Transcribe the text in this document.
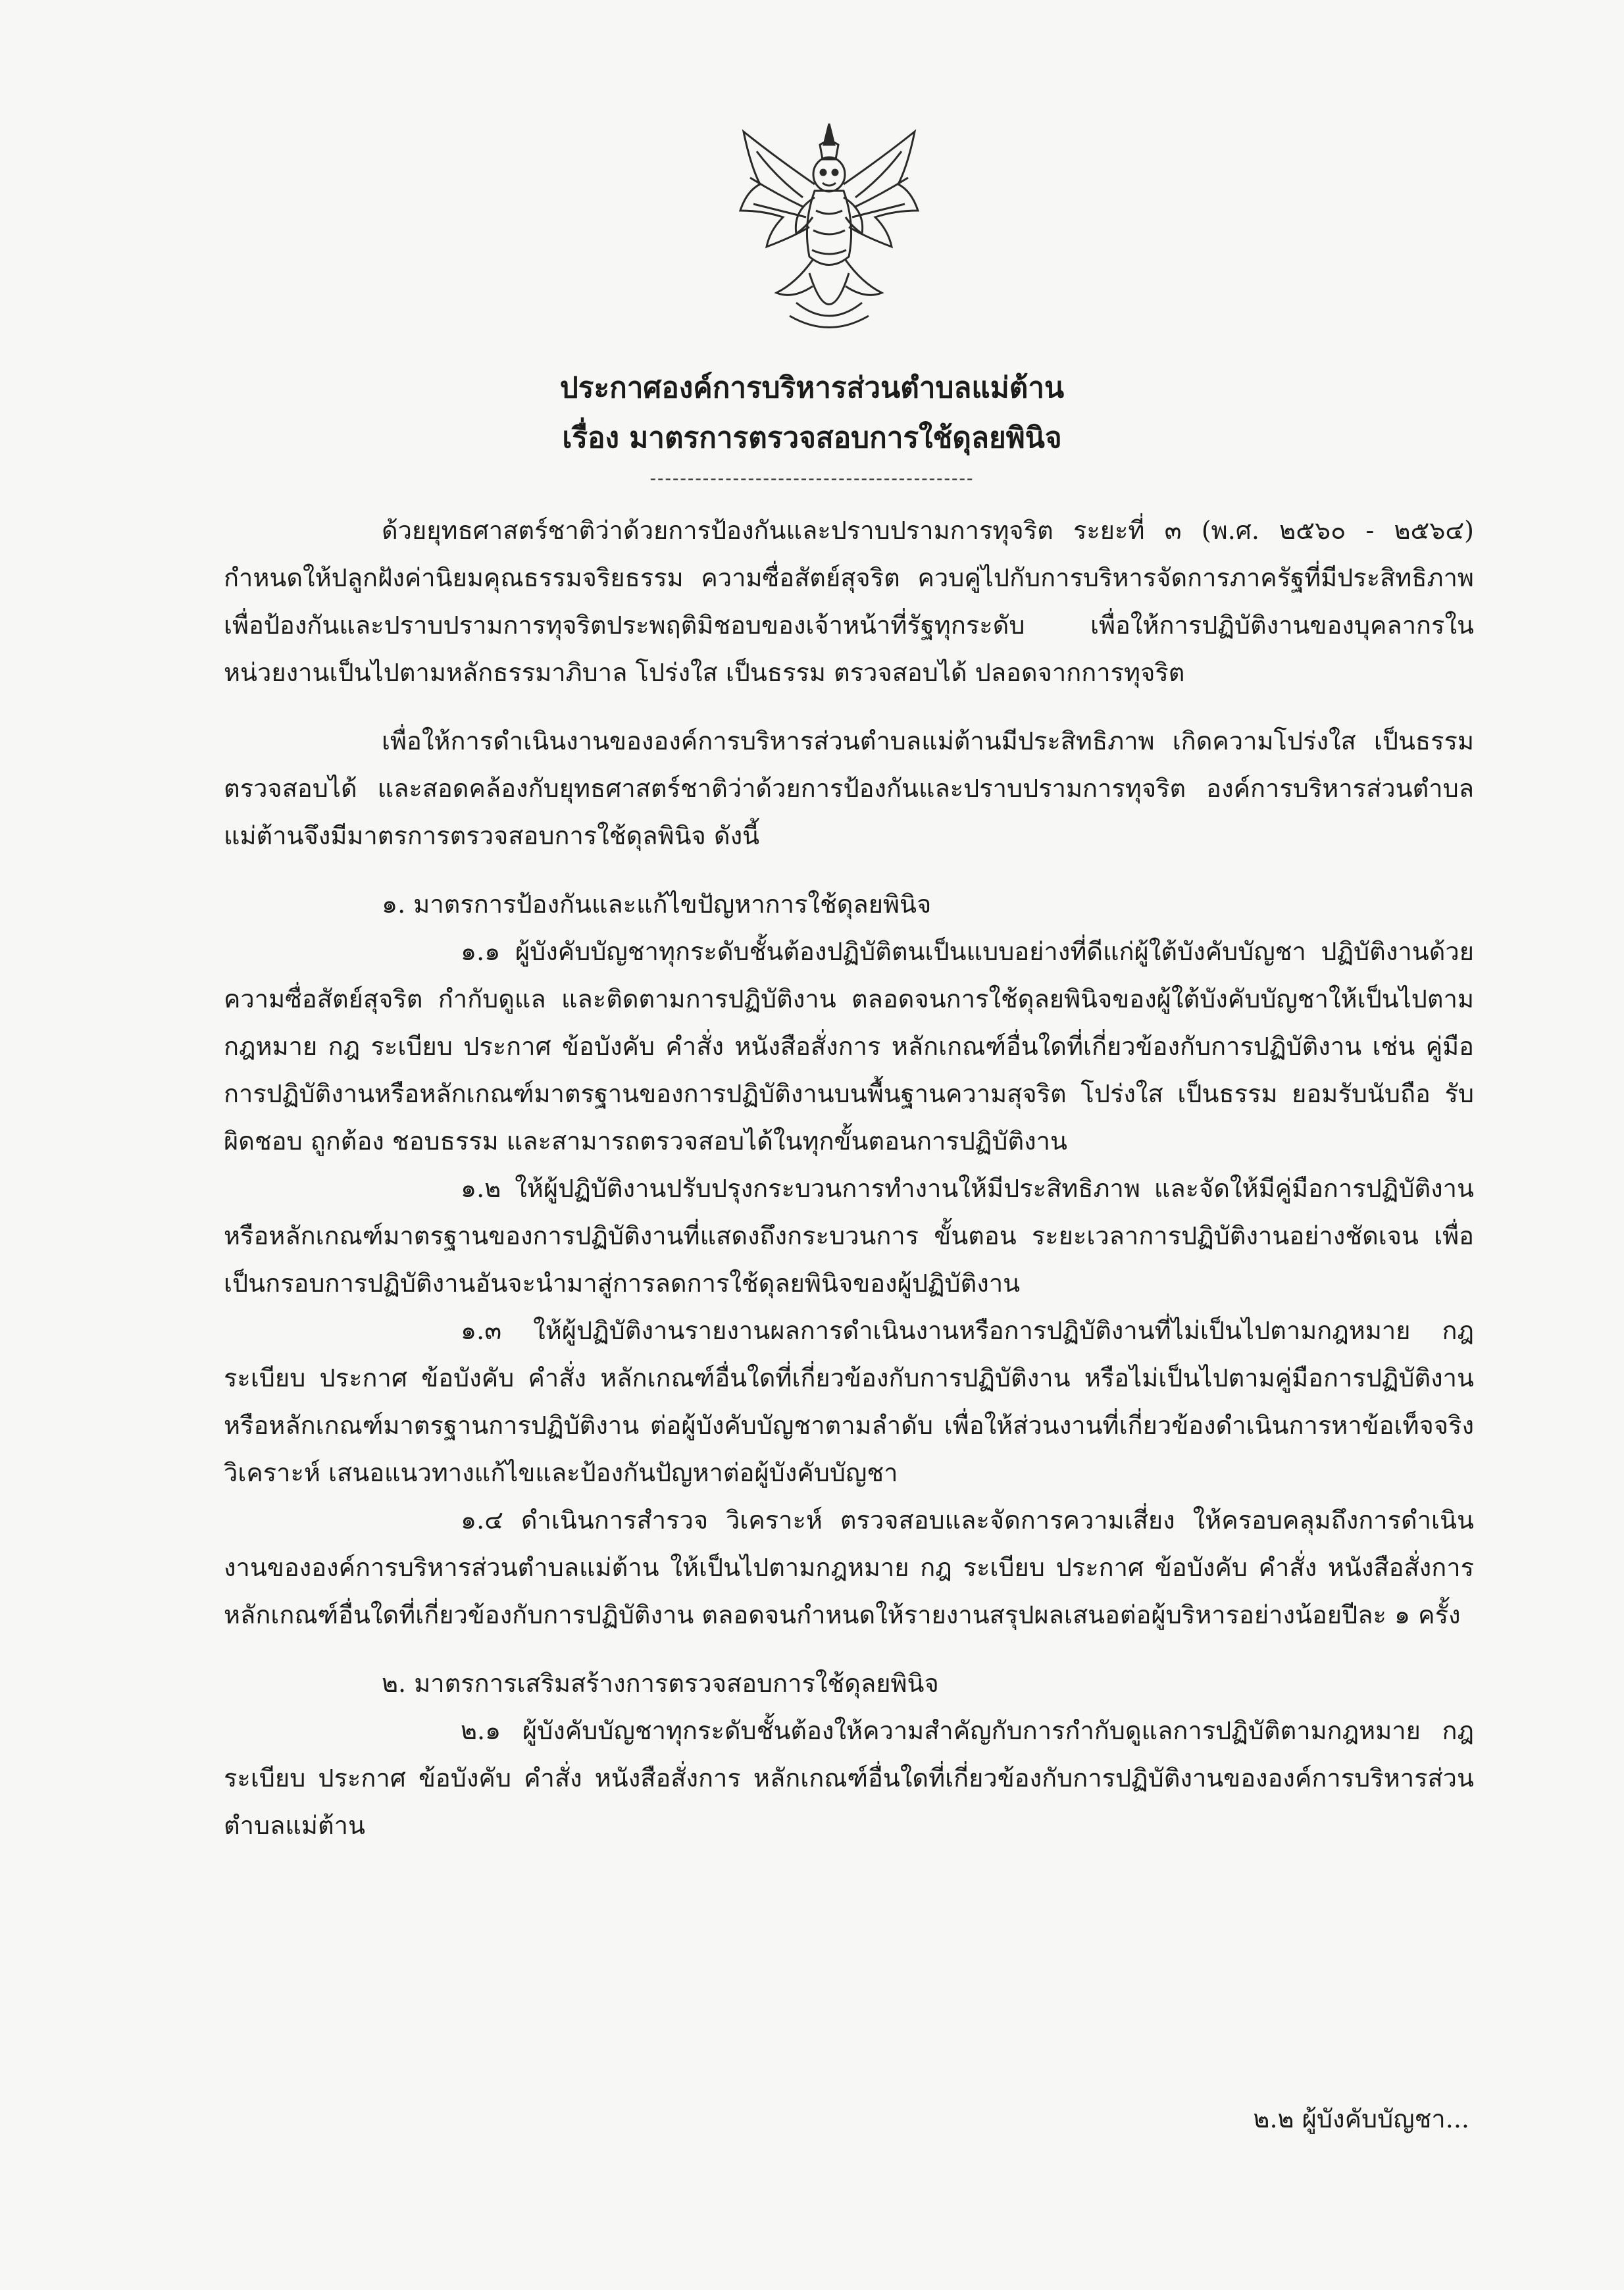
ประกาศองค์การบริหารส่วนตำบลแม่ต้าน
เรื่อง มาตรการตรวจสอบการใช้ดุลยพินิจ
-------------------------------------------

ด้วยยุทธศาสตร์ชาติว่าด้วยการป้องกันและปราบปรามการทุจริต ระยะที่ ๓ (พ.ศ. ๒๕๖๐ - ๒๕๖๔) กำหนดให้ปลูกฝังค่านิยมคุณธรรมจริยธรรม ความซื่อสัตย์สุจริต ควบคู่ไปกับการบริหารจัดการภาครัฐที่มีประสิทธิภาพ เพื่อป้องกันและปราบปรามการทุจริตประพฤติมิชอบของเจ้าหน้าที่รัฐทุกระดับ เพื่อให้การปฏิบัติงานของบุคลากรในหน่วยงานเป็นไปตามหลักธรรมาภิบาล โปร่งใส เป็นธรรม ตรวจสอบได้ ปลอดจากการทุจริต

เพื่อให้การดำเนินงานขององค์การบริหารส่วนตำบลแม่ต้านมีประสิทธิภาพ เกิดความโปร่งใส เป็นธรรม ตรวจสอบได้ และสอดคล้องกับยุทธศาสตร์ชาติว่าด้วยการป้องกันและปราบปรามการทุจริต องค์การบริหารส่วนตำบลแม่ต้านจึงมีมาตรการตรวจสอบการใช้ดุลพินิจ ดังนี้

๑. มาตรการป้องกันและแก้ไขปัญหาการใช้ดุลยพินิจ

๑.๑ ผู้บังคับบัญชาทุกระดับชั้นต้องปฏิบัติตนเป็นแบบอย่างที่ดีแก่ผู้ใต้บังคับบัญชา ปฏิบัติงานด้วยความซื่อสัตย์สุจริต กำกับดูแล และติดตามการปฏิบัติงาน ตลอดจนการใช้ดุลยพินิจของผู้ใต้บังคับบัญชาให้เป็นไปตามกฎหมาย กฎ ระเบียบ ประกาศ ข้อบังคับ คำสั่ง หนังสือสั่งการ หลักเกณฑ์อื่นใดที่เกี่ยวข้องกับการปฏิบัติงาน เช่น คู่มือการปฏิบัติงานหรือหลักเกณฑ์มาตรฐานของการปฏิบัติงานบนพื้นฐานความสุจริต โปร่งใส เป็นธรรม ยอมรับนับถือ รับผิดชอบ ถูกต้อง ชอบธรรม และสามารถตรวจสอบได้ในทุกขั้นตอนการปฏิบัติงาน

๑.๒ ให้ผู้ปฏิบัติงานปรับปรุงกระบวนการทำงานให้มีประสิทธิภาพ และจัดให้มีคู่มือการปฏิบัติงานหรือหลักเกณฑ์มาตรฐานของการปฏิบัติงานที่แสดงถึงกระบวนการ ขั้นตอน ระยะเวลาการปฏิบัติงานอย่างชัดเจน เพื่อเป็นกรอบการปฏิบัติงานอันจะนำมาสู่การลดการใช้ดุลยพินิจของผู้ปฏิบัติงาน

๑.๓ ให้ผู้ปฏิบัติงานรายงานผลการดำเนินงานหรือการปฏิบัติงานที่ไม่เป็นไปตามกฎหมาย กฎ ระเบียบ ประกาศ ข้อบังคับ คำสั่ง หลักเกณฑ์อื่นใดที่เกี่ยวข้องกับการปฏิบัติงาน หรือไม่เป็นไปตามคู่มือการปฏิบัติงานหรือหลักเกณฑ์มาตรฐานการปฏิบัติงาน ต่อผู้บังคับบัญชาตามลำดับ เพื่อให้ส่วนงานที่เกี่ยวข้องดำเนินการหาข้อเท็จจริง วิเคราะห์ เสนอแนวทางแก้ไขและป้องกันปัญหาต่อผู้บังคับบัญชา

๑.๔ ดำเนินการสำรวจ วิเคราะห์ ตรวจสอบและจัดการความเสี่ยง ให้ครอบคลุมถึงการดำเนินงานขององค์การบริหารส่วนตำบลแม่ต้าน ให้เป็นไปตามกฎหมาย กฎ ระเบียบ ประกาศ ข้อบังคับ คำสั่ง หนังสือสั่งการ หลักเกณฑ์อื่นใดที่เกี่ยวข้องกับการปฏิบัติงาน ตลอดจนกำหนดให้รายงานสรุปผลเสนอต่อผู้บริหารอย่างน้อยปีละ ๑ ครั้ง

๒. มาตรการเสริมสร้างการตรวจสอบการใช้ดุลยพินิจ

๒.๑ ผู้บังคับบัญชาทุกระดับชั้นต้องให้ความสำคัญกับการกำกับดูแลการปฏิบัติตามกฎหมาย กฎ ระเบียบ ประกาศ ข้อบังคับ คำสั่ง หนังสือสั่งการ หลักเกณฑ์อื่นใดที่เกี่ยวข้องกับการปฏิบัติงานขององค์การบริหารส่วนตำบลแม่ต้าน

๒.๒ ผู้บังคับบัญชา...
